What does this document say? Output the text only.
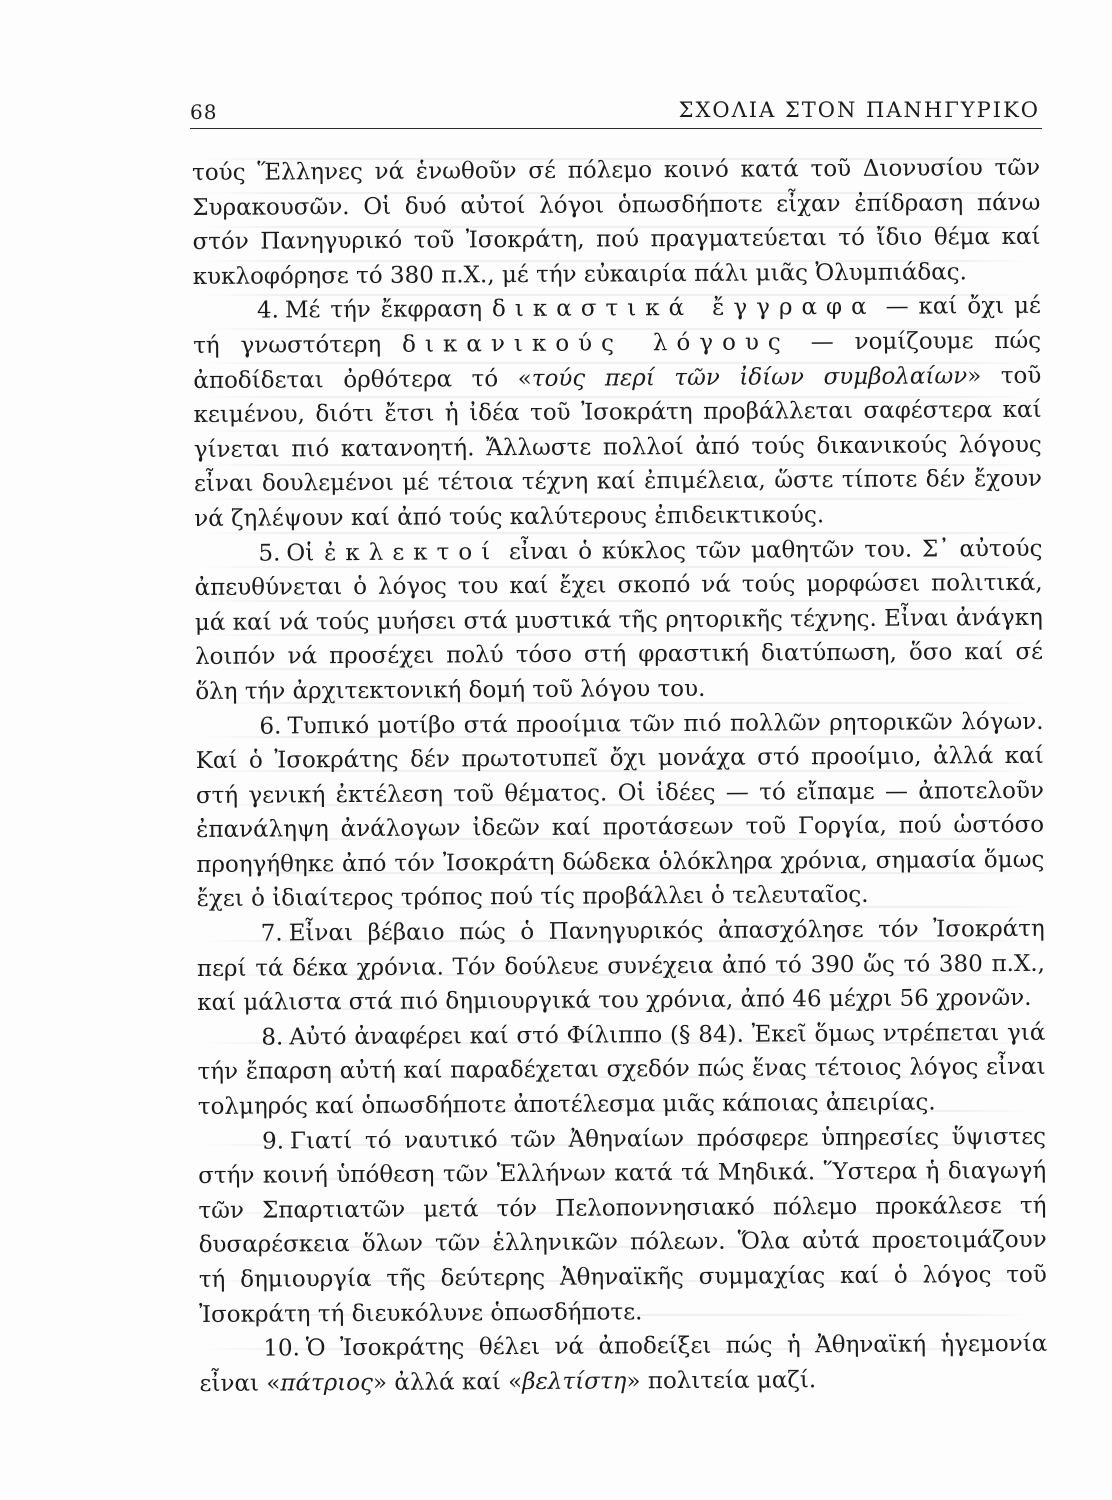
68	ΣΧΟΛΙΑ ΣΤΟΝ ΠΑΝΗΓΥΡΙΚΟ

τούς Ἕλληνες νά ἑνωθοῦν σέ πόλεμο κοινό κατά τοῦ Διονυσίου τῶν Συρακουσῶν. Οἱ δυό αὐτοί λόγοι ὁπωσδήποτε εἶχαν ἐπίδραση πάνω στόν Πανηγυρικό τοῦ Ἰσοκράτη, πού πραγματεύεται τό ἴδιο θέμα καί κυκλοφόρησε τό 380 π.Χ., μέ τήν εὐκαιρία πάλι μιᾶς Ὀλυμπιάδας.

4. Μέ τήν ἔκφραση δικαστικά ἔγγραφα — καί ὄχι μέ τή γνωστότερη δικανικούς λόγους — νομίζουμε πώς ἀποδίδεται ὀρθότερα τό «τούς περί τῶν ἰδίων συμβολαίων» τοῦ κειμένου, διότι ἔτσι ἡ ἰδέα τοῦ Ἰσοκράτη προβάλλεται σαφέστερα καί γίνεται πιό κατανοητή. Ἄλλωστε πολλοί ἀπό τούς δικανικούς λόγους εἶναι δουλεμένοι μέ τέτοια τέχνη καί ἐπιμέλεια, ὥστε τίποτε δέν ἔχουν νά ζηλέψουν καί ἀπό τούς καλύτερους ἐπιδεικτικούς.

5. Οἱ ἐκλεκτοί εἶναι ὁ κύκλος τῶν μαθητῶν του. Σ᾽ αὐτούς ἀπευθύνεται ὁ λόγος του καί ἔχει σκοπό νά τούς μορφώσει πολιτικά, μά καί νά τούς μυήσει στά μυστικά τῆς ρητορικῆς τέχνης. Εἶναι ἀνάγκη λοιπόν νά προσέχει πολύ τόσο στή φραστική διατύπωση, ὅσο καί σέ ὅλη τήν ἀρχιτεκτονική δομή τοῦ λόγου του.

6. Τυπικό μοτίβο στά προοίμια τῶν πιό πολλῶν ρητορικῶν λόγων. Καί ὁ Ἰσοκράτης δέν πρωτοτυπεῖ ὄχι μονάχα στό προοίμιο, ἀλλά καί στή γενική ἐκτέλεση τοῦ θέματος. Οἱ ἰδέες — τό εἴπαμε — ἀποτελοῦν ἐπανάληψη ἀνάλογων ἰδεῶν καί προτάσεων τοῦ Γοργία, πού ὡστόσο προηγήθηκε ἀπό τόν Ἰσοκράτη δώδεκα ὁλόκληρα χρόνια, σημασία ὅμως ἔχει ὁ ἰδιαίτερος τρόπος πού τίς προβάλλει ὁ τελευταῖος.

7. Εἶναι βέβαιο πώς ὁ Πανηγυρικός ἀπασχόλησε τόν Ἰσοκράτη περί τά δέκα χρόνια. Τόν δούλευε συνέχεια ἀπό τό 390 ὥς τό 380 π.Χ., καί μάλιστα στά πιό δημιουργικά του χρόνια, ἀπό 46 μέχρι 56 χρονῶν.

8. Αὐτό ἀναφέρει καί στό Φίλιππο (§ 84). Ἐκεῖ ὅμως ντρέπεται γιά τήν ἔπαρση αὐτή καί παραδέχεται σχεδόν πώς ἕνας τέτοιος λόγος εἶναι τολμηρός καί ὁπωσδήποτε ἀποτέλεσμα μιᾶς κάποιας ἀπειρίας.

9. Γιατί τό ναυτικό τῶν Ἀθηναίων πρόσφερε ὑπηρεσίες ὕψιστες στήν κοινή ὑπόθεση τῶν Ἑλλήνων κατά τά Μηδικά. Ὕστερα ἡ διαγωγή τῶν Σπαρτιατῶν μετά τόν Πελοποννησιακό πόλεμο προκάλεσε τή δυσαρέσκεια ὅλων τῶν ἑλληνικῶν πόλεων. Ὅλα αὐτά προετοιμάζουν τή δημιουργία τῆς δεύτερης Ἀθηναϊκῆς συμμαχίας καί ὁ λόγος τοῦ Ἰσοκράτη τή διευκόλυνε ὁπωσδήποτε.

10. Ὁ Ἰσοκράτης θέλει νά ἀποδείξει πώς ἡ Ἀθηναϊκή ἡγεμονία εἶναι «πάτριος» ἀλλά καί «βελτίστη» πολιτεία μαζί.
